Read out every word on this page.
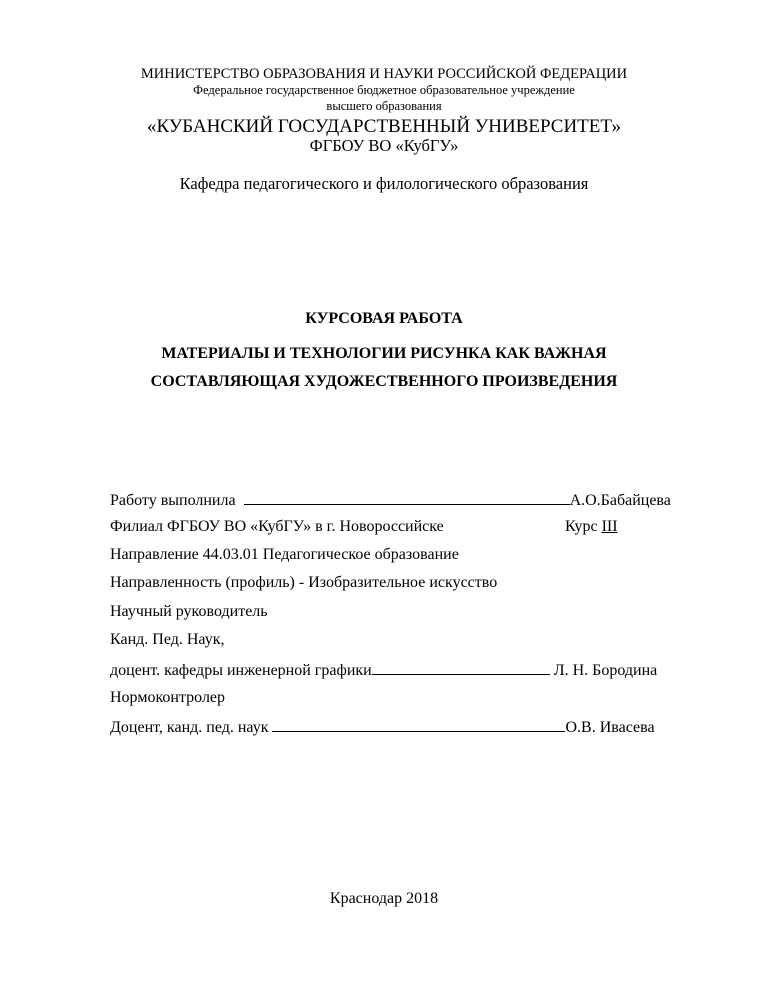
МИНИСТЕРСТВО ОБРАЗОВАНИЯ И НАУКИ РОССИЙСКОЙ ФЕДЕРАЦИИ
Федеральное государственное бюджетное образовательное учреждение
высшего образования
«КУБАНСКИЙ ГОСУДАРСТВЕННЫЙ УНИВЕРСИТЕТ»
ФГБОУ ВО «КубГУ»
Кафедра педагогического и филологического образования
КУРСОВАЯ РАБОТА
МАТЕРИАЛЫ И ТЕХНОЛОГИИ РИСУНКА КАК ВАЖНАЯ
СОСТАВЛЯЮЩАЯ ХУДОЖЕСТВЕННОГО ПРОИЗВЕДЕНИЯ
Работу выполнила	А.О.Бабайцева
Филиал ФГБОУ ВО «КубГУ» в г. Новороссийске	Курс III
Направление 44.03.01 Педагогическое образование
Направленность (профиль) - Изобразительное искусство
Научный руководитель
Канд. Пед. Наук,
доцент. кафедры инженерной графики	Л. Н. Бородина
Нормоконтролер
Доцент, канд. пед. наук	О.В. Ивасева
Краснодар 2018
